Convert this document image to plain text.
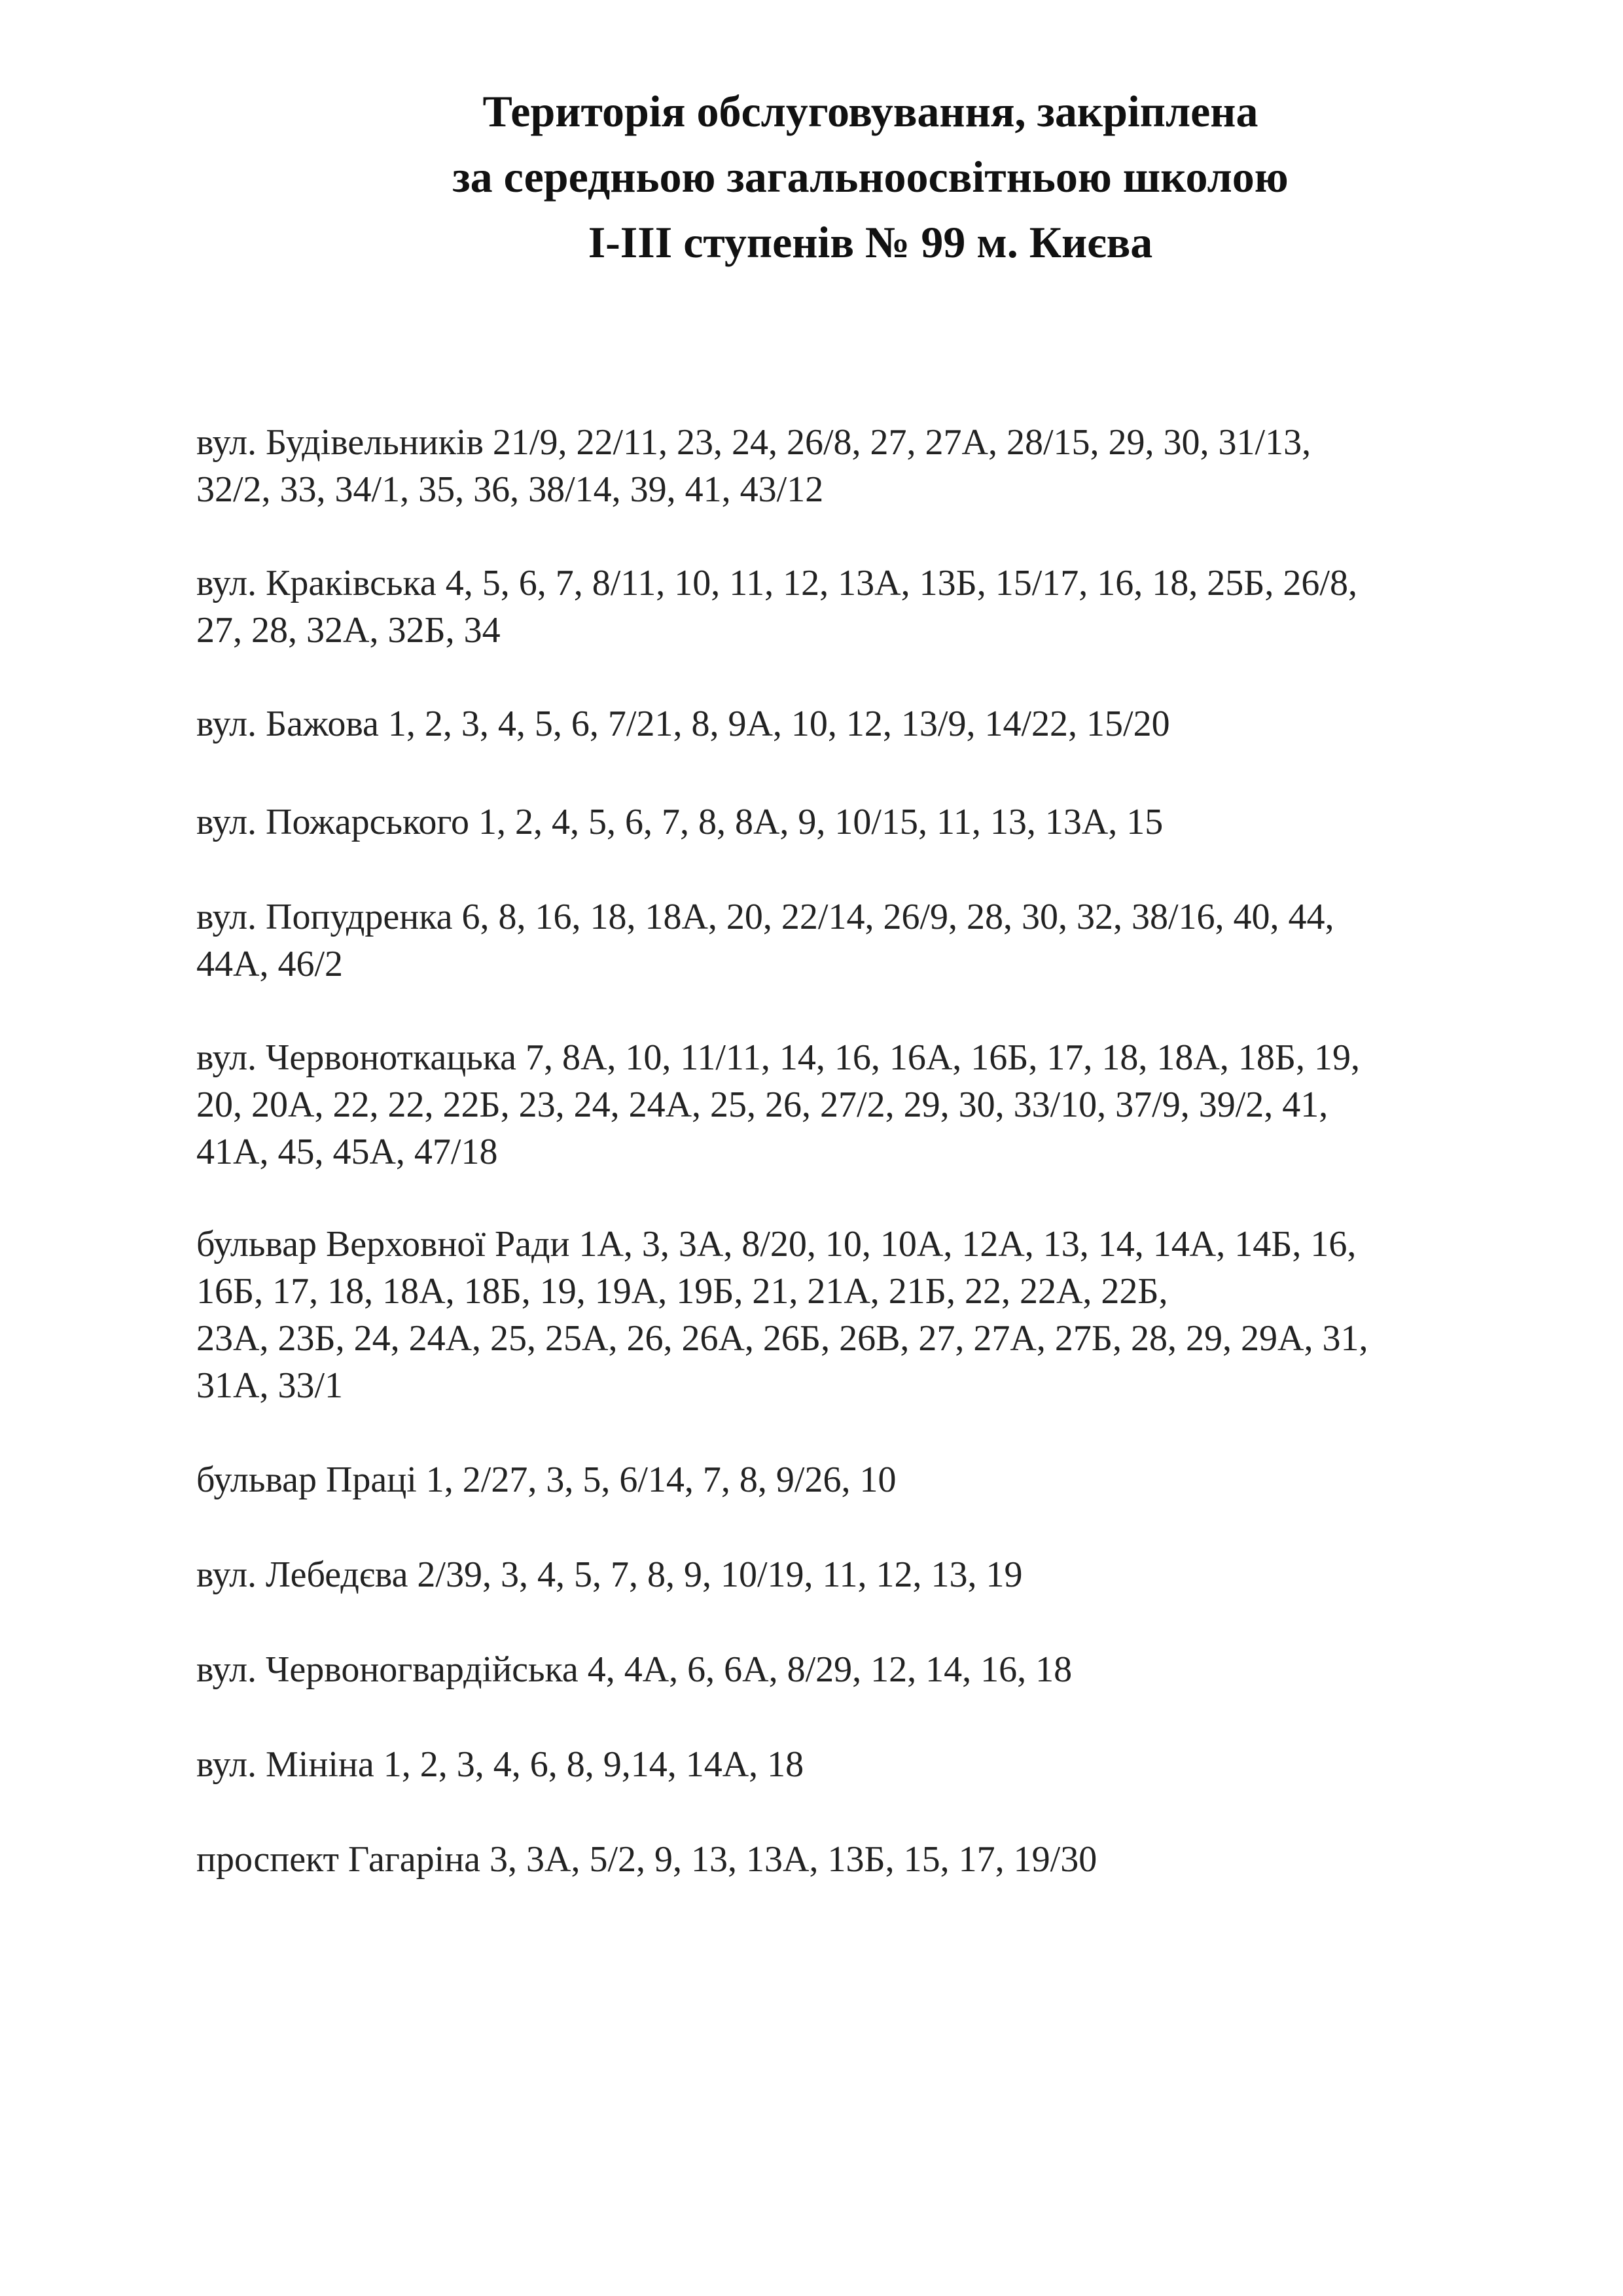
Територія обслуговування, закріплена
за середньою загальноосвітньою школою
І-ІІІ ступенів № 99 м. Києва
вул. Будівельників 21/9, 22/11, 23, 24, 26/8, 27, 27А, 28/15, 29, 30, 31/13,
32/2, 33, 34/1, 35, 36, 38/14, 39, 41, 43/12
вул. Краківська 4, 5, 6, 7, 8/11, 10, 11, 12, 13А, 13Б, 15/17, 16, 18, 25Б, 26/8,
27, 28, 32А, 32Б, 34
вул. Бажова 1, 2, 3, 4, 5, 6, 7/21, 8, 9А, 10, 12, 13/9, 14/22, 15/20
вул. Пожарського 1, 2, 4, 5, 6, 7, 8, 8А, 9, 10/15, 11, 13, 13А, 15
вул. Попудренка 6, 8, 16, 18, 18А, 20, 22/14, 26/9, 28, 30, 32, 38/16, 40, 44,
44А, 46/2
вул. Червоноткацька 7, 8А, 10, 11/11, 14, 16, 16А, 16Б, 17, 18, 18А, 18Б, 19,
20, 20А, 22, 22, 22Б, 23, 24, 24А, 25, 26, 27/2, 29, 30, 33/10, 37/9, 39/2, 41,
41А, 45, 45А, 47/18
бульвар Верховної Ради 1А, 3, 3А, 8/20, 10, 10А, 12А, 13, 14, 14А, 14Б, 16,
16Б, 17, 18, 18А, 18Б, 19, 19А, 19Б, 21, 21А, 21Б, 22, 22А, 22Б,
23А, 23Б, 24, 24А, 25, 25А, 26, 26А, 26Б, 26В, 27, 27А, 27Б, 28, 29, 29А, 31,
31А, 33/1
бульвар Праці 1, 2/27, 3, 5, 6/14, 7, 8, 9/26, 10
вул. Лебедєва 2/39, 3, 4, 5, 7, 8, 9, 10/19, 11, 12, 13, 19
вул. Червоногвардійська 4, 4А, 6, 6А, 8/29, 12, 14, 16, 18
вул. Мініна 1, 2, 3, 4, 6, 8, 9,14, 14А, 18
проспект Гагаріна 3, 3А, 5/2, 9, 13, 13А, 13Б, 15, 17, 19/30
